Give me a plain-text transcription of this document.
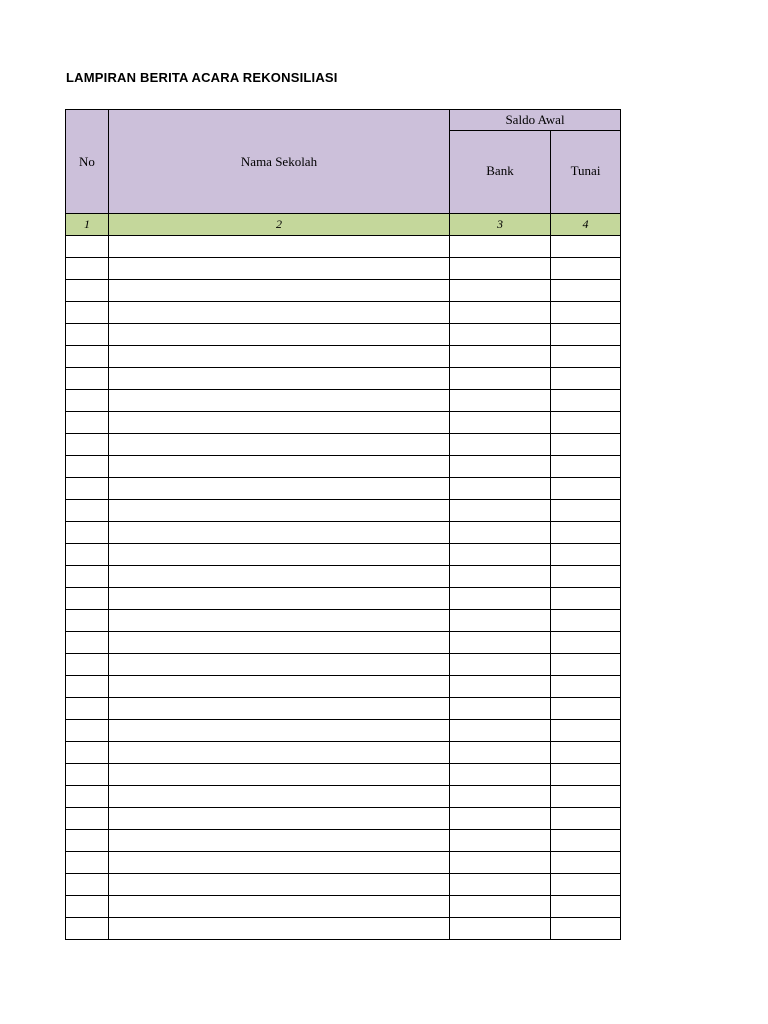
LAMPIRAN BERITA ACARA REKONSILIASI
No	Nama Sekolah	Saldo Awal	
		Bank	Tunai
1	2	3	4
